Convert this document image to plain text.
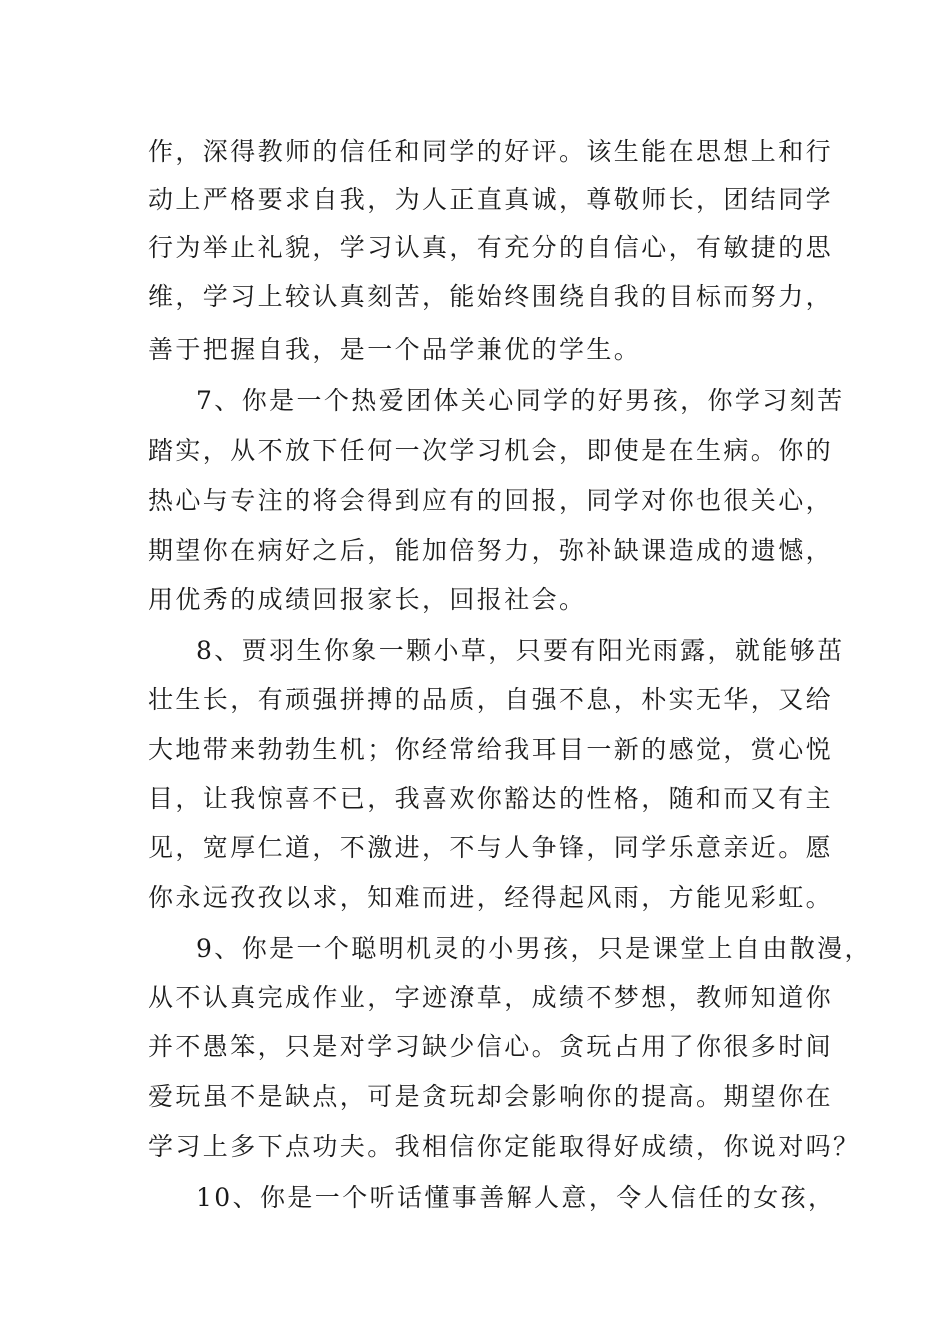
作，深得教师的信任和同学的好评。该生能在思想上和行
动上严格要求自我，为人正直真诚，尊敬师长，团结同学
行为举止礼貌，学习认真，有充分的自信心，有敏捷的思
维，学习上较认真刻苦，能始终围绕自我的目标而努力，
善于把握自我，是一个品学兼优的学生。
7、你是一个热爱团体关心同学的好男孩，你学习刻苦
踏实，从不放下任何一次学习机会，即使是在生病。你的
热心与专注的将会得到应有的回报，同学对你也很关心，
期望你在病好之后，能加倍努力，弥补缺课造成的遗憾，
用优秀的成绩回报家长，回报社会。
8、贾羽生你象一颗小草，只要有阳光雨露，就能够茁
壮生长，有顽强拼搏的品质，自强不息，朴实无华，又给
大地带来勃勃生机；你经常给我耳目一新的感觉，赏心悦
目，让我惊喜不已，我喜欢你豁达的性格，随和而又有主
见，宽厚仁道，不激进，不与人争锋，同学乐意亲近。愿
你永远孜孜以求，知难而进，经得起风雨，方能见彩虹。
9、你是一个聪明机灵的小男孩，只是课堂上自由散漫，
从不认真完成作业，字迹潦草，成绩不梦想，教师知道你
并不愚笨，只是对学习缺少信心。贪玩占用了你很多时间
爱玩虽不是缺点，可是贪玩却会影响你的提高。期望你在
学习上多下点功夫。我相信你定能取得好成绩，你说对吗？
10、你是一个听话懂事善解人意，令人信任的女孩，
